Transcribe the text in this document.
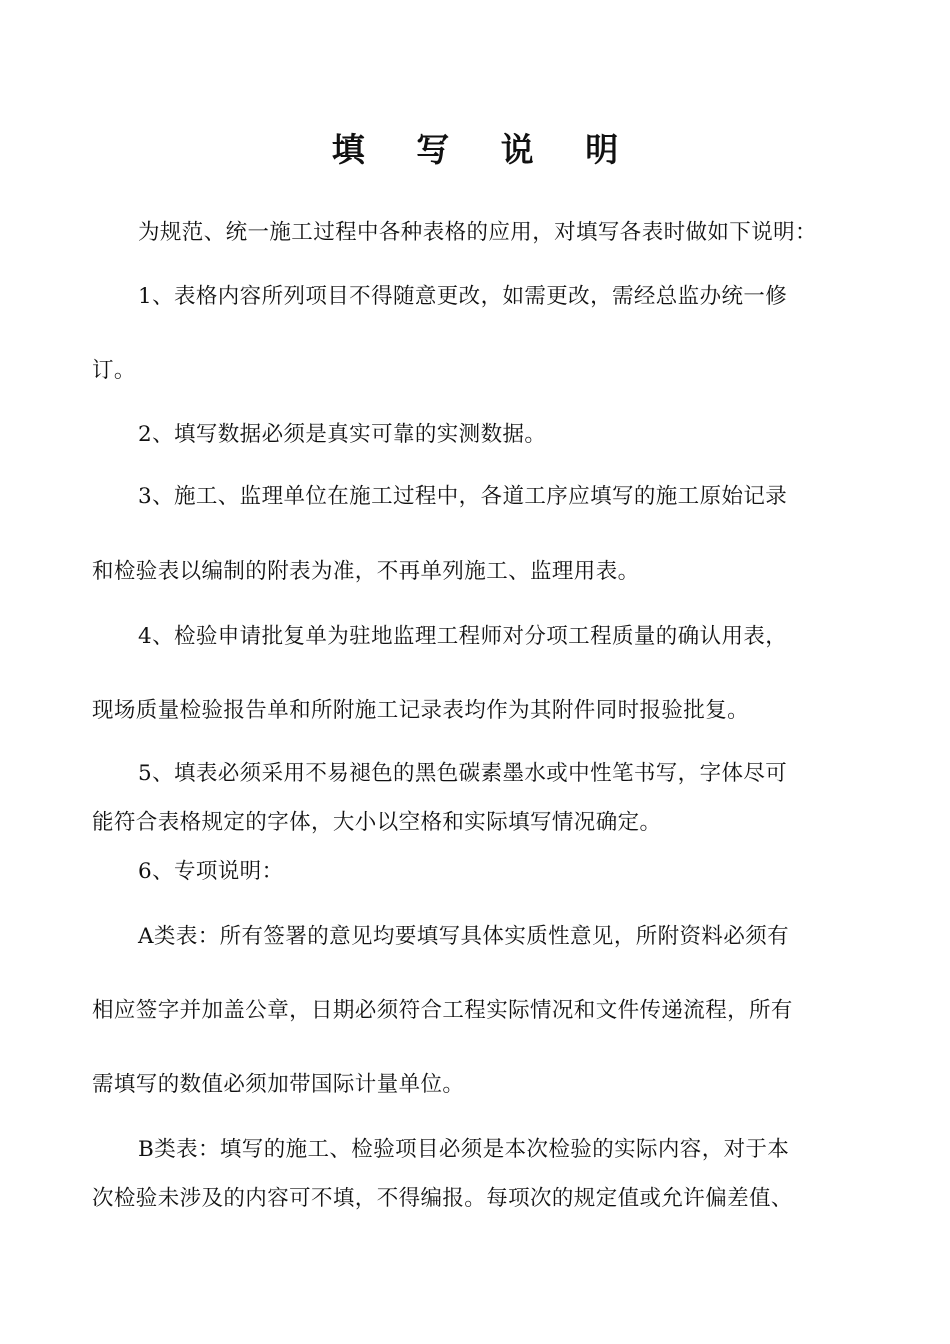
填 写 说 明
为规范、统一施工过程中各种表格的应用，对填写各表时做如下说明：
1、表格内容所列项目不得随意更改，如需更改，需经总监办统一修
订。
2、填写数据必须是真实可靠的实测数据。
3、施工、监理单位在施工过程中，各道工序应填写的施工原始记录
和检验表以编制的附表为准，不再单列施工、监理用表。
4、检验申请批复单为驻地监理工程师对分项工程质量的确认用表，
现场质量检验报告单和所附施工记录表均作为其附件同时报验批复。
5、填表必须采用不易褪色的黑色碳素墨水或中性笔书写，字体尽可
能符合表格规定的字体，大小以空格和实际填写情况确定。
6、专项说明：
A类表：所有签署的意见均要填写具体实质性意见，所附资料必须有
相应签字并加盖公章，日期必须符合工程实际情况和文件传递流程，所有
需填写的数值必须加带国际计量单位。
B类表：填写的施工、检验项目必须是本次检验的实际内容，对于本
次检验未涉及的内容可不填，不得编报。每项次的规定值或允许偏差值、
